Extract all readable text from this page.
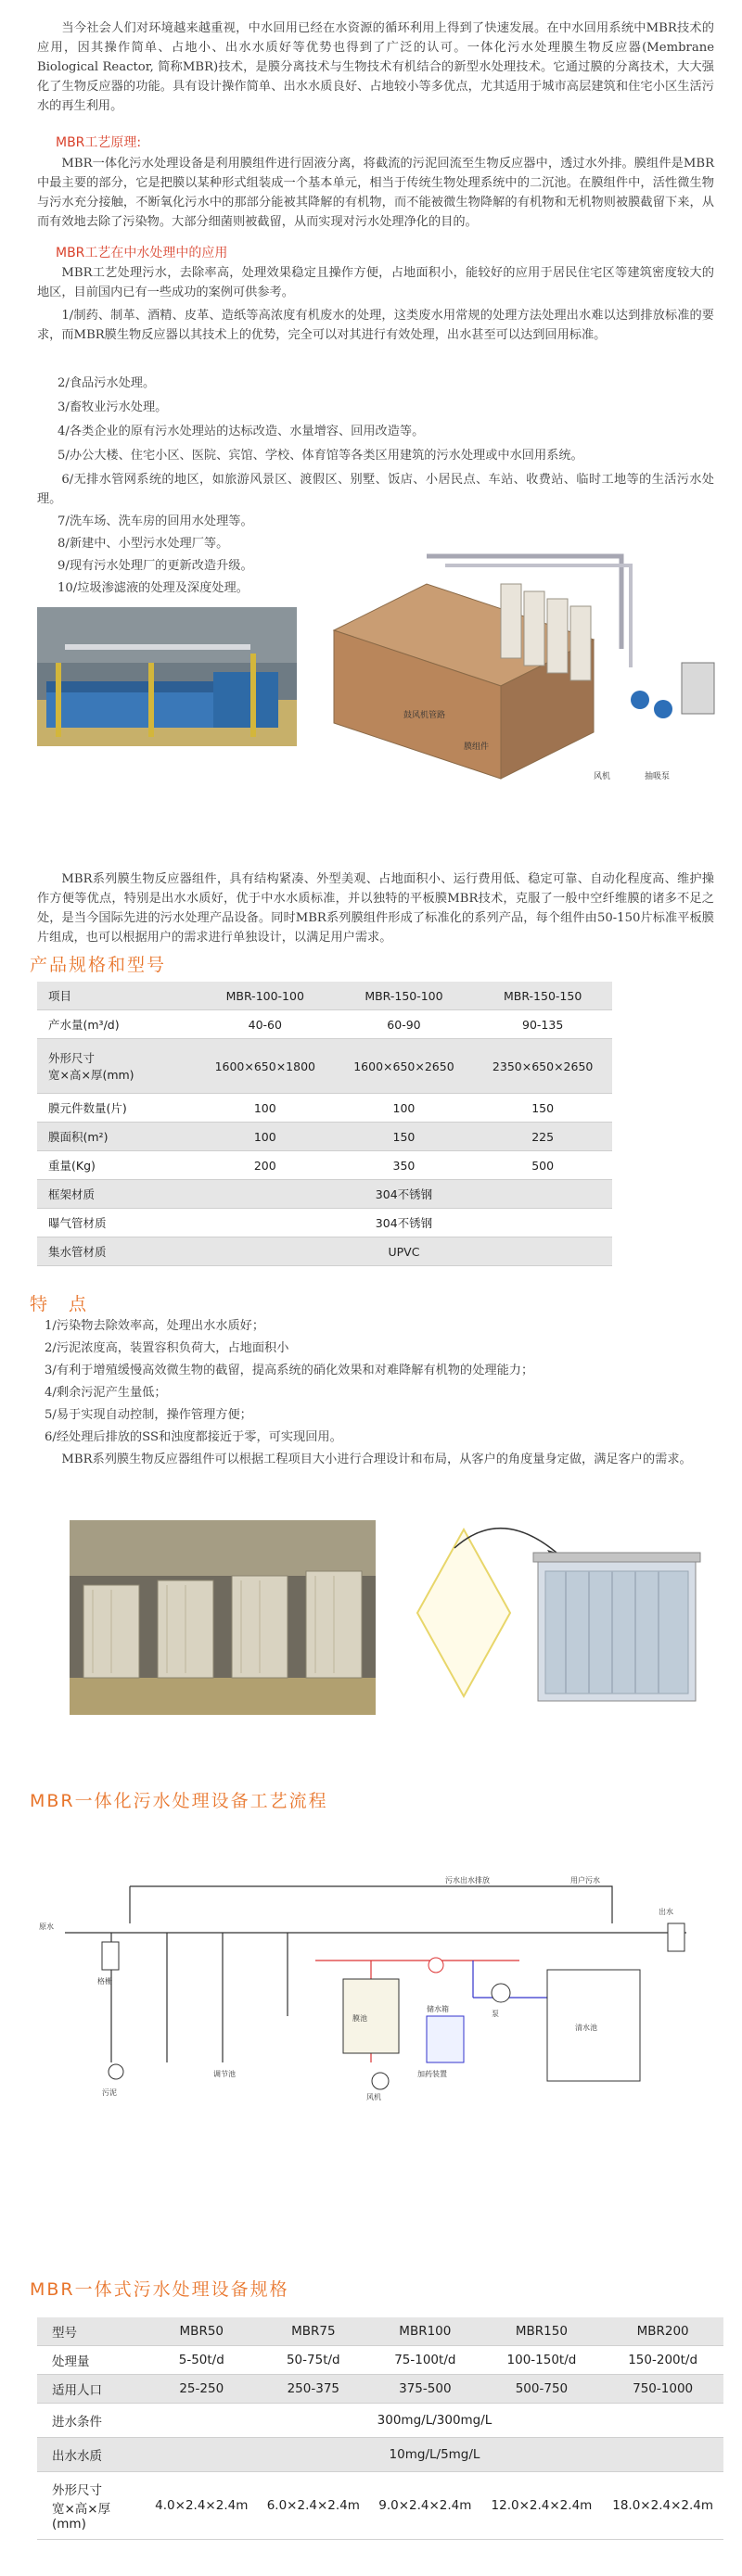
当今社会人们对环境越来越重视，中水回用已经在水资源的循环利用上得到了快速发展。在中水回用系统中MBR技术的应用，因其操作简单、占地小、出水水质好等优势也得到了广泛的认可。一体化污水处理膜生物反应器(Membrane Biological Reactor, 简称MBR)技术，是膜分离技术与生物技术有机结合的新型水处理技术。它通过膜的分离技术，大大强化了生物反应器的功能。具有设计操作简单、出水水质良好、占地较小等多优点，尤其适用于城市高层建筑和住宅小区生活污水的再生利用。
MBR工艺原理:
MBR一体化污水处理设备是利用膜组件进行固液分离，将截流的污泥回流至生物反应器中，透过水外排。膜组件是MBR中最主要的部分，它是把膜以某种形式组装成一个基本单元，相当于传统生物处理系统中的二沉池。在膜组件中，活性微生物与污水充分接触，不断氧化污水中的那部分能被其降解的有机物，而不能被微生物降解的有机物和无机物则被膜截留下来，从而有效地去除了污染物。大部分细菌则被截留，从而实现对污水处理净化的目的。
MBR工艺在中水处理中的应用
MBR工艺处理污水，去除率高，处理效果稳定且操作方便，占地面积小，能较好的应用于居民住宅区等建筑密度较大的地区，目前国内已有一些成功的案例可供参考。
1/制药、制革、酒精、皮革、造纸等高浓度有机废水的处理，这类废水用常规的处理方法处理出水难以达到排放标准的要求，而MBR膜生物反应器以其技术上的优势，完全可以对其进行有效处理，出水甚至可以达到回用标准。
2/食品污水处理。
3/畜牧业污水处理。
4/各类企业的原有污水处理站的达标改造、水量增容、回用改造等。
5/办公大楼、住宅小区、医院、宾馆、学校、体育馆等各类区用建筑的污水处理或中水回用系统。
6/无排水管网系统的地区，如旅游风景区、渡假区、别墅、饭店、小居民点、车站、收费站、临时工地等的生活污水处理。
7/洗车场、洗车房的回用水处理等。
8/新建中、小型污水处理厂等。
9/现有污水处理厂的更新改造升级。
10/垃圾渗滤液的处理及深度处理。
鼓风机管路
膜组件
风机	抽吸泵
MBR系列膜生物反应器组件，具有结构紧凑、外型美观、占地面积小、运行费用低、稳定可靠、自动化程度高、维护操作方便等优点，特别是出水水质好，优于中水水质标准，并以独特的平板膜MBR技术，克服了一般中空纤维膜的诸多不足之处，是当今国际先进的污水处理产品设备。同时MBR系列膜组件形成了标准化的系列产品，每个组件由50-150片标准平板膜片组成，也可以根据用户的需求进行单独设计，以满足用户需求。
产品规格和型号
项目	MBR-100-100	MBR-150-100	MBR-150-150
产水量(m³/d)	40-60	60-90	90-135
外形尺寸
宽×高×厚(mm)	1600×650×1800	1600×650×2650	2350×650×2650
膜元件数量(片)	100	100	150
膜面积(m²)	100	150	225
重量(Kg)	200	350	500
框架材质	304不锈钢		
曝气管材质	304不锈钢		
集水管材质	UPVC		
特　点
1/污染物去除效率高，处理出水水质好；
2/污泥浓度高，装置容积负荷大，占地面积小
3/有利于增殖缓慢高效微生物的截留，提高系统的硝化效果和对难降解有机物的处理能力；
4/剩余污泥产生量低；
5/易于实现自动控制，操作管理方便；
6/经处理后排放的SS和浊度都接近于零，可实现回用。
MBR系列膜生物反应器组件可以根据工程项目大小进行合理设计和布局，从客户的角度量身定做，满足客户的需求。
MBR一体化污水处理设备工艺流程
用户污水
污水出水排放
原水
格栅
调节池
膜池
泵
清水池
储水箱
风机
加药装置
污泥
出水
MBR一体式污水处理设备规格
型号	MBR50	MBR75	MBR100	MBR150	MBR200
处理量	5-50t/d	50-75t/d	75-100t/d	100-150t/d	150-200t/d
适用人口	25-250	250-375	375-500	500-750	750-1000
进水条件	300mg/L/300mg/L				
出水水质	10mg/L/5mg/L				
外形尺寸
宽×高×厚
(mm)	4.0×2.4×2.4m	6.0×2.4×2.4m	9.0×2.4×2.4m	12.0×2.4×2.4m	18.0×2.4×2.4m
